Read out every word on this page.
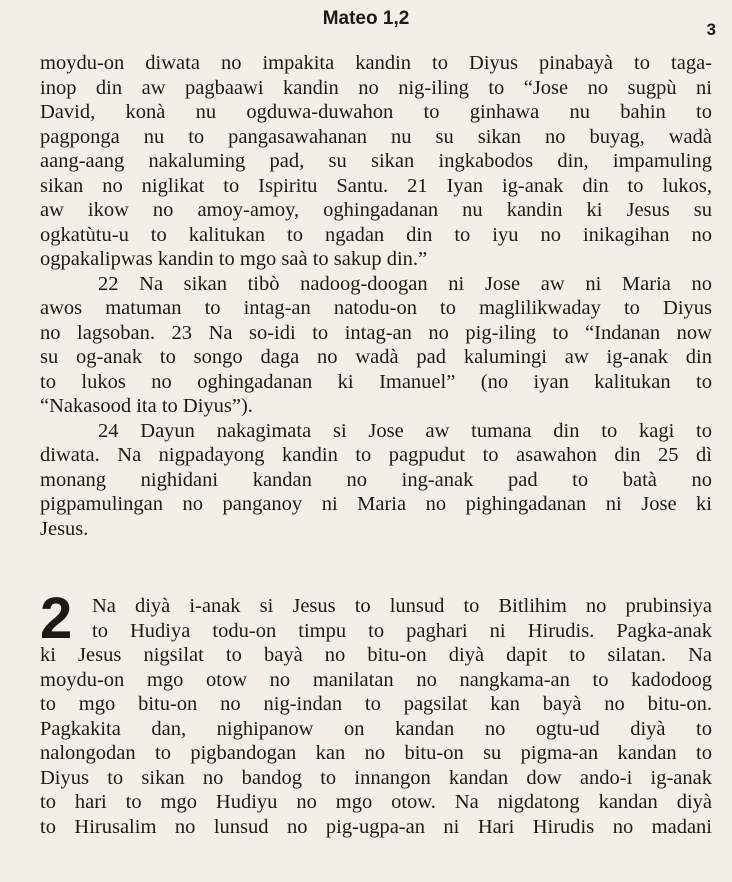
Mateo 1,2
3
moydu-on diwata no impakita kandin to Diyus pinabayà to taga-
inop din aw pagbaawi kandin no nig-iling to “Jose no sugpù ni
David, konà nu ogduwa-duwahon to ginhawa nu bahin to
pagponga nu to pangasawahanan nu su sikan no buyag, wadà
aang-aang nakaluming pad, su sikan ingkabodos din, impamuling
sikan no niglikat to Ispiritu Santu. 21 Iyan ig-anak din to lukos,
aw ikow no amoy-amoy, oghingadanan nu kandin ki Jesus su
ogkatùtu-u to kalitukan to ngadan din to iyu no inikagihan no
ogpakalipwas kandin to mgo saà to sakup din.”
22 Na sikan tibò nadoog-doogan ni Jose aw ni Maria no
awos matuman to intag-an natodu-on to maglilikwaday to Diyus
no lagsoban. 23 Na so-idi to intag-an no pig-iling to “Indanan now
su og-anak to songo daga no wadà pad kalumingi aw ig-anak din
to lukos no oghingadanan ki Imanuel” (no iyan kalitukan to
“Nakasood ita to Diyus”).
24 Dayun nakagimata si Jose aw tumana din to kagi to
diwata. Na nigpadayong kandin to pagpudut to asawahon din 25 dì
monang nighidani kandan no ing-anak pad to batà no
pigpamulingan no panganoy ni Maria no pighingadanan ni Jose ki
Jesus.
2 Na diyà i-anak si Jesus to lunsud to Bitlihim no prubinsiya
to Hudiya todu-on timpu to paghari ni Hirudis. Pagka-anak
ki Jesus nigsilat to bayà no bitu-on diyà dapit to silatan. Na
moydu-on mgo otow no manilatan no nangkama-an to kadodoog
to mgo bitu-on no nig-indan to pagsilat kan bayà no bitu-on.
Pagkakita dan, nighipanow on kandan no ogtu-ud diyà to
nalongodan to pigbandogan kan no bitu-on su pigma-an kandan to
Diyus to sikan no bandog to innangon kandan dow ando-i ig-anak
to hari to mgo Hudiyu no mgo otow. Na nigdatong kandan diyà
to Hirusalim no lunsud no pig-ugpa-an ni Hari Hirudis no madani
